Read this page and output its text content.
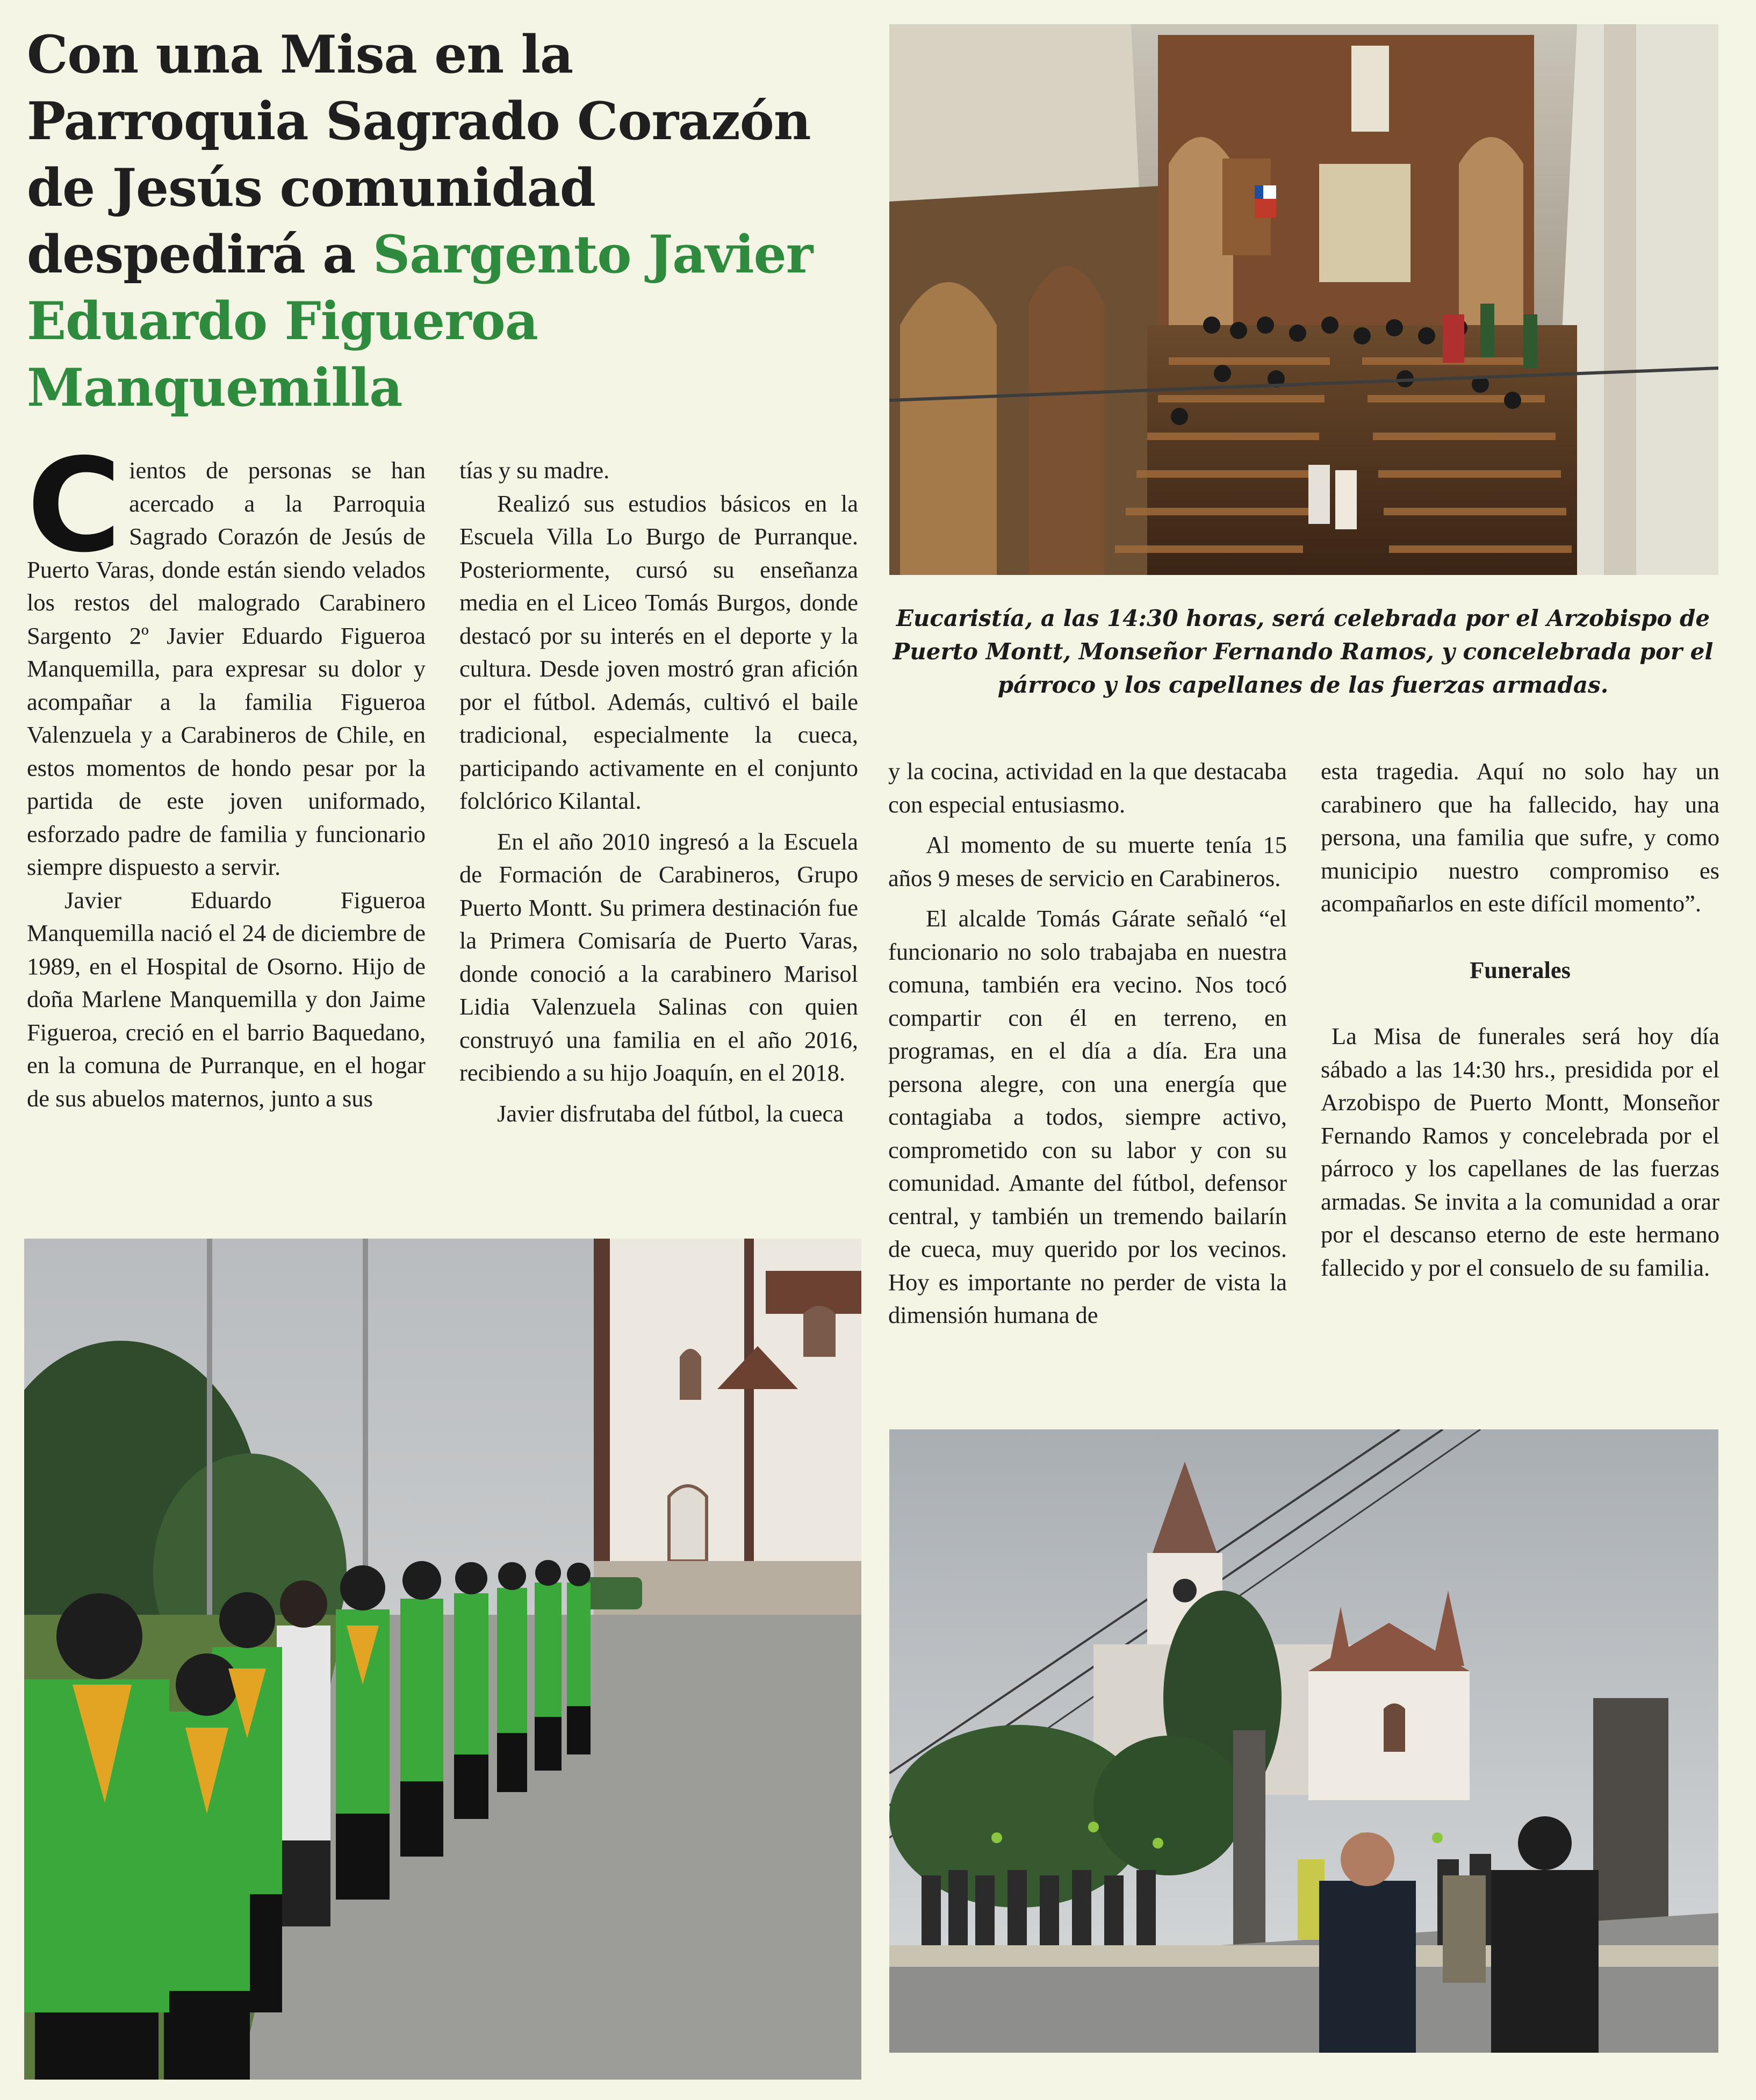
Con una Misa en la Parroquia Sagrado Corazón de Jesús comunidad despedirá a Sargento Javier Eduardo Figueroa Manquemilla
Eucaristía, a las 14:30 horas, será celebrada por el Arzobispo de Puerto Montt, Monseñor Fernando Ramos, y concelebrada por el párroco y los capellanes de las fuerzas armadas.

Cientos de personas se han acercado a la Parroquia Sagrado Corazón de Jesús de Puerto Varas, donde están siendo velados los restos del malogrado Carabinero Sargento 2º Javier Eduardo Figueroa Manquemilla, para expresar su dolor y acompañar a la familia Figueroa Valenzuela y a Carabineros de Chile, en estos momentos de hondo pesar por la partida de este joven uniformado, esforzado padre de familia y funcionario siempre dispuesto a servir.

Javier Eduardo Figueroa Manquemilla nació el 24 de diciembre de 1989, en el Hospital de Osorno. Hijo de doña Marlene Manquemilla y don Jaime Figueroa, creció en el barrio Baquedano, en la comuna de Purranque, en el hogar de sus abuelos maternos, junto a sus

tías y su madre.

Realizó sus estudios básicos en la Escuela Villa Lo Burgo de Purranque. Posteriormente, cursó su enseñanza media en el Liceo Tomás Burgos, donde destacó por su interés en el deporte y la cultura. Desde joven mostró gran afición por el fútbol. Además, cultivó el baile tradicional, especialmente la cueca, participando activamente en el conjunto folclórico Kilantal.

En el año 2010 ingresó a la Escuela de Formación de Carabineros, Grupo Puerto Montt. Su primera destinación fue la Primera Comisaría de Puerto Varas, donde conoció a la carabinero Marisol Lidia Valenzuela Salinas con quien construyó una familia en el año 2016, recibiendo a su hijo Joaquín, en el 2018.

Javier disfrutaba del fútbol, la cueca

y la cocina, actividad en la que destacaba con especial entusiasmo.

Al momento de su muerte tenía 15 años 9 meses de servicio en Carabineros.

El alcalde Tomás Gárate señaló “el funcionario no solo trabajaba en nuestra comuna, también era vecino. Nos tocó compartir con él en terreno, en programas, en el día a día. Era una persona alegre, con una energía que contagiaba a todos, siempre activo, comprometido con su labor y con su comunidad. Amante del fútbol, defensor central, y también un tremendo bailarín de cueca, muy querido por los vecinos. Hoy es importante no perder de vista la dimensión humana de

esta tragedia. Aquí no solo hay un carabinero que ha fallecido, hay una persona, una familia que sufre, y como municipio nuestro compromiso es acompañarlos en este difícil momento”.

Funerales

La Misa de funerales será hoy día sábado a las 14:30 hrs., presidida por el Arzobispo de Puerto Montt, Monseñor Fernando Ramos y concelebrada por el párroco y los capellanes de las fuerzas armadas. Se invita a la comunidad a orar por el descanso eterno de este hermano fallecido y por el consuelo de su familia.
